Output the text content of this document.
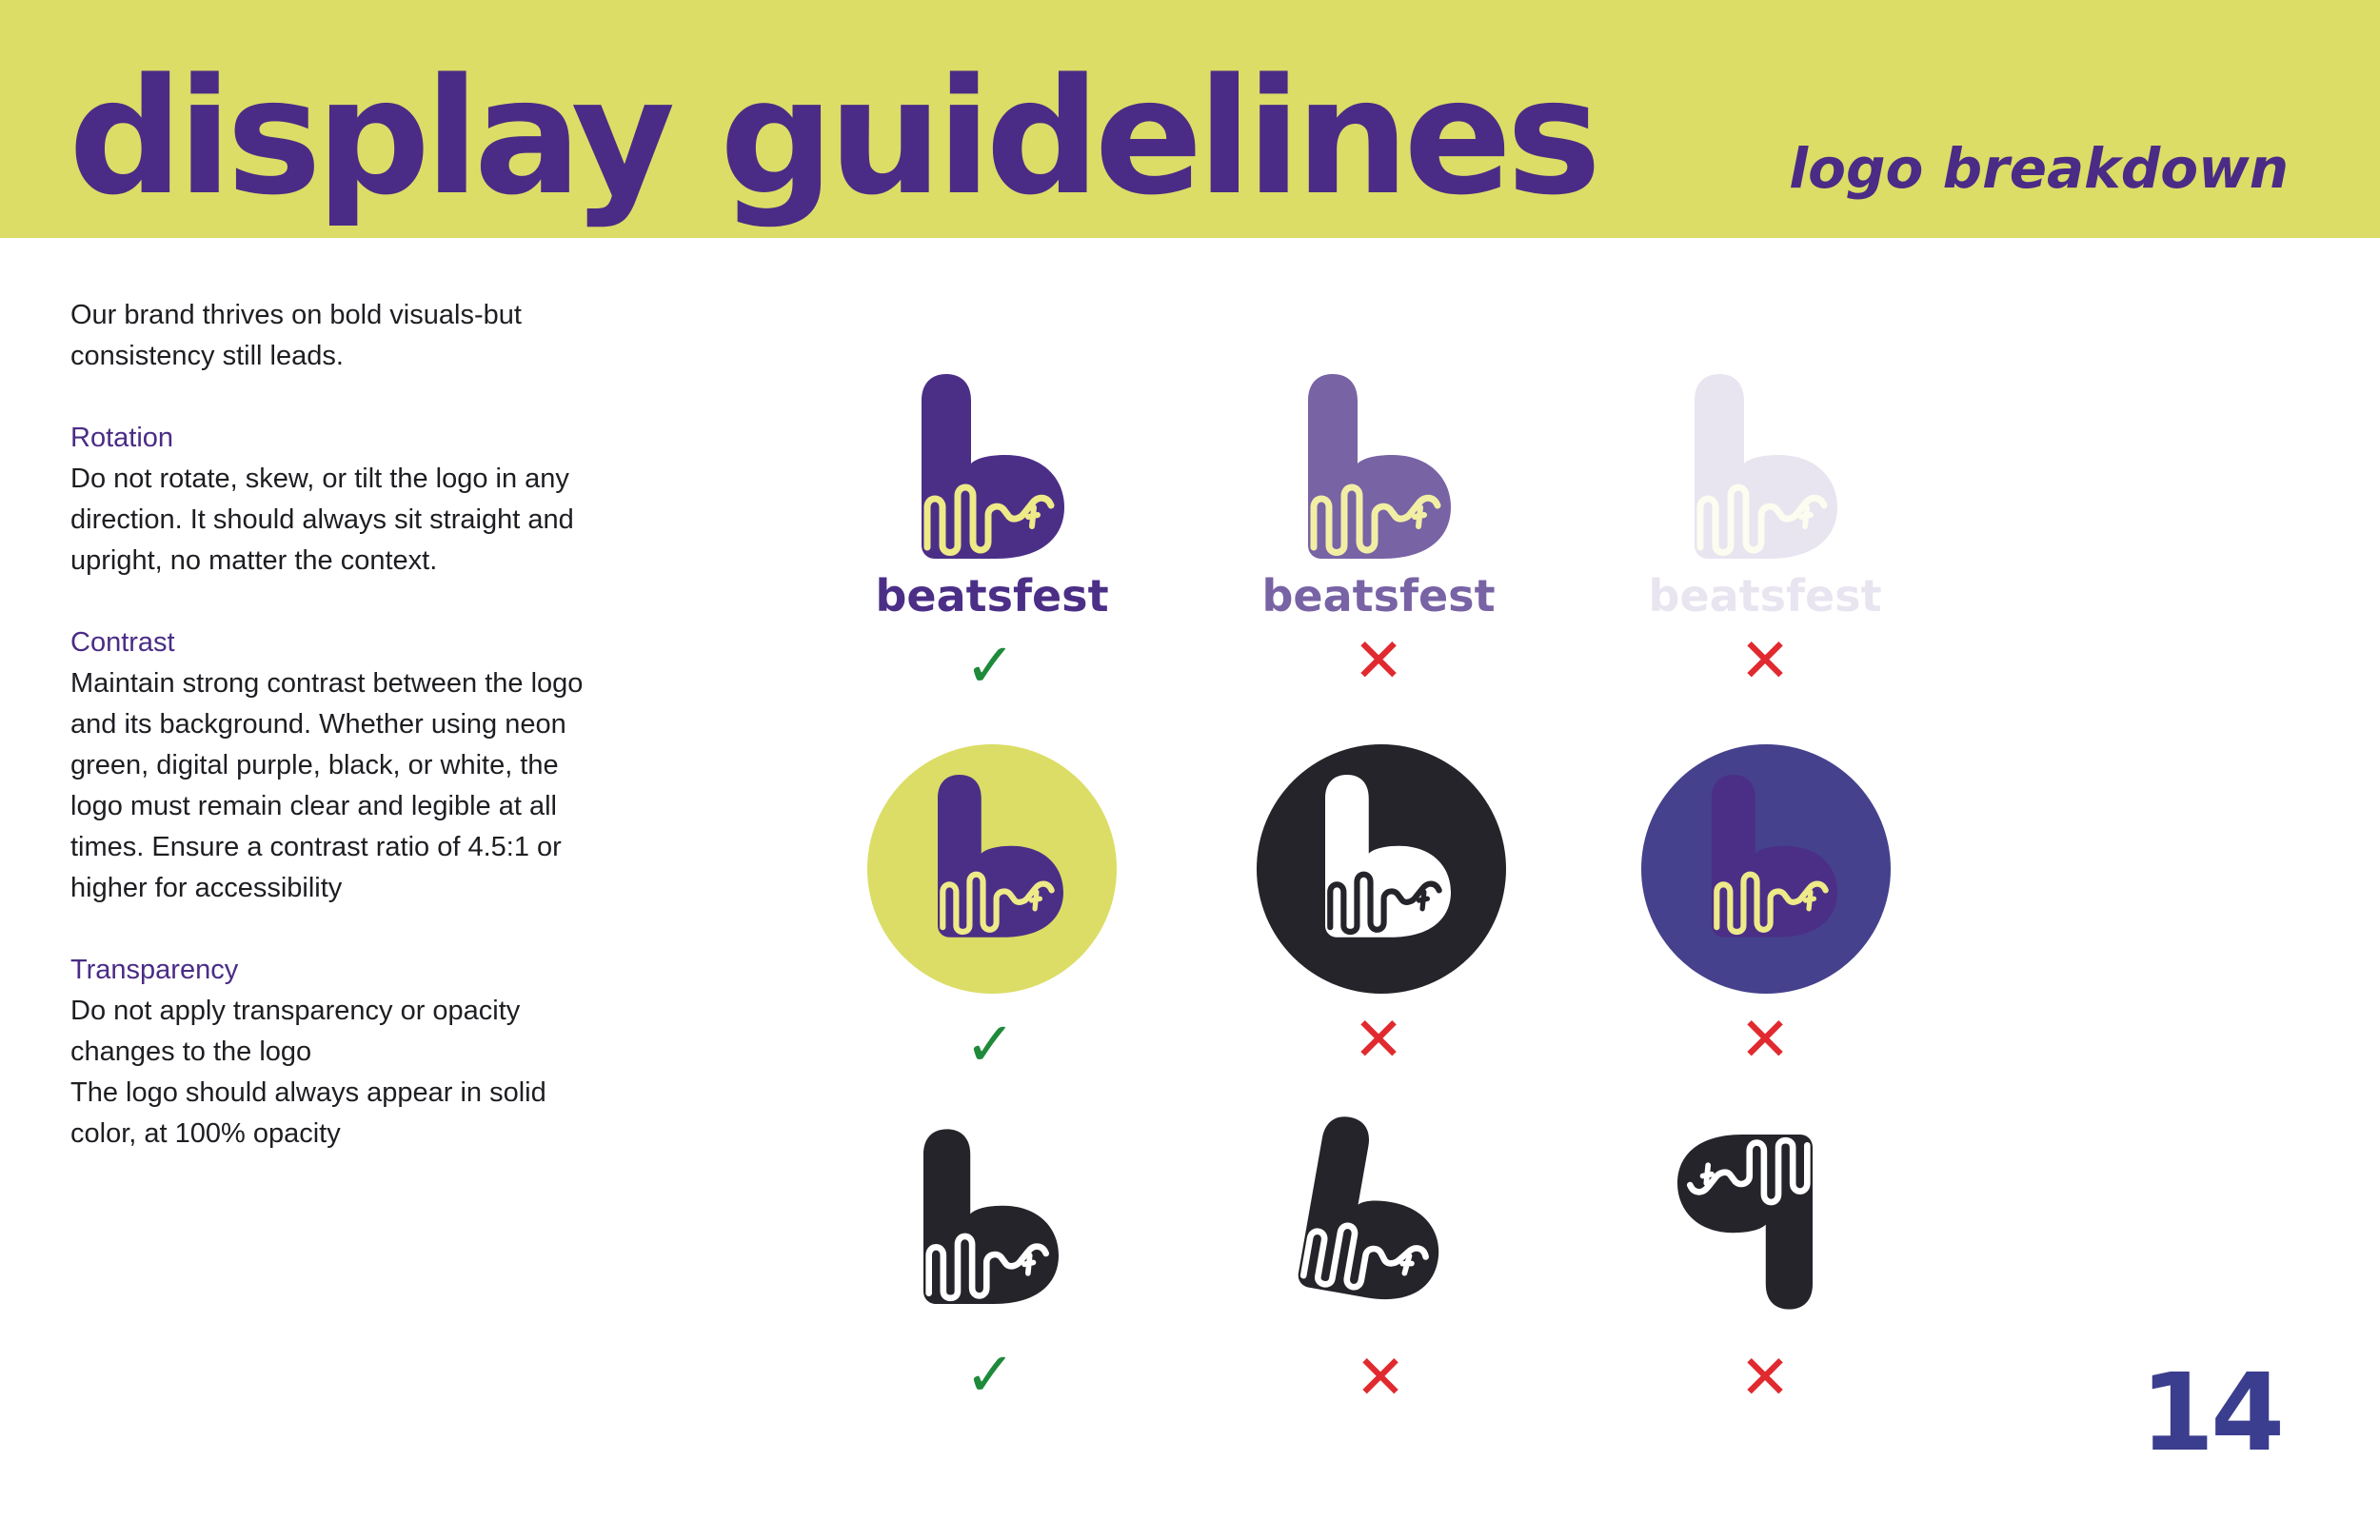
display guidelines	logo breakdown

Our brand thrives on bold visuals-but

consistency still leads.

Rotation

Do not rotate, skew, or tilt the logo in any

direction. It should always sit straight and

upright, no matter the context.

Contrast

Maintain strong contrast between the logo

and its background. Whether using neon

green, digital purple, black, or white, the

logo must remain clear and legible at all

times. Ensure a contrast ratio of 4.5:1 or

higher for accessibility

Transparency

Do not apply transparency or opacity

changes to the logo

The logo should always appear in solid

color, at 100% opacity

beatsfest
✓
beatsfest
✕
beatsfest
✕
✓	✕	✕
✓	✕	✕	14
